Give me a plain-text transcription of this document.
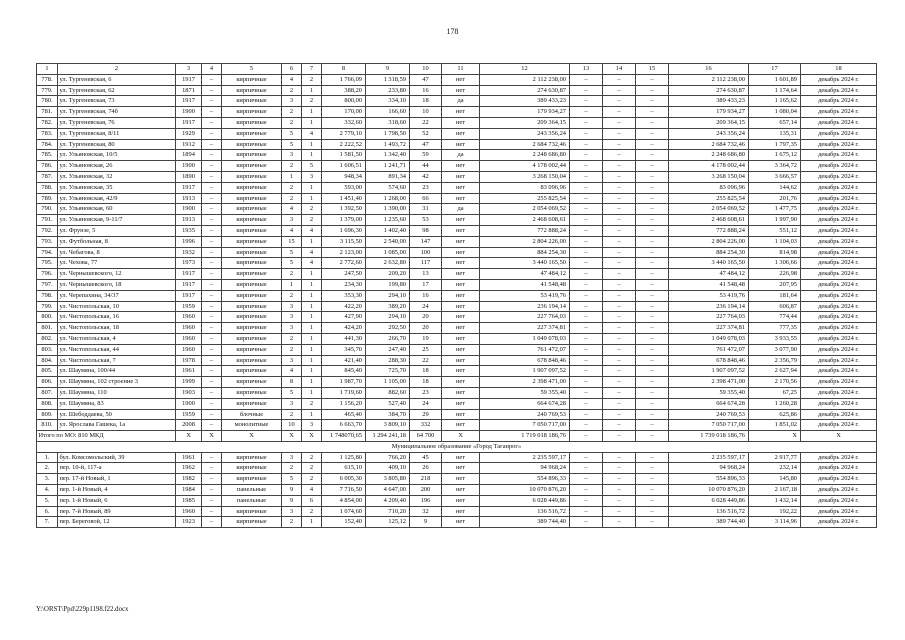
178
1	2	3	4	5	6	7	8	9	10	11	12	13	14	15	16	17	18
778.	ул. Тургеневская, 6	1917	–	кирпичные	4	2	1 766,09	1 318,59	47	нет	2 112 238,00	–	–	–	2 112 238,00	1 601,89	декабрь 2024 г.
779.	ул. Тургеневская, 62	1871	–	кирпичные	2	1	388,20	233,80	16	нет	274 630,87	–	–	–	274 630,87	1 174,64	декабрь 2024 г.
780.	ул. Тургеневская, 73	1917	–	кирпичные	3	2	800,00	334,10	18	да	389 433,23	–	–	–	389 433,23	1 165,62	декабрь 2024 г.
781.	ул. Тургеневская, 74б	1900	–	кирпичные	2	1	170,00	166,60	10	нет	179 934,27	–	–	–	179 934,27	1 080,04	декабрь 2024 г.
782.	ул. Тургеневская, 76	1917	–	кирпичные	2	1	332,60	318,60	22	нет	209 364,15	–	–	–	209 364,15	657,14	декабрь 2024 г.
783.	ул. Тургеневская, 8/11	1929	–	кирпичные	5	4	2 779,10	1 798,50	52	нет	243 356,24	–	–	–	243 356,24	135,31	декабрь 2024 г.
784.	ул. Тургеневская, 80	1912	–	кирпичные	5	1	2 222,52	1 493,72	47	нет	2 684 732,46	–	–	–	2 684 732,46	1 797,35	декабрь 2024 г.
785.	ул. Ульяновская, 10/5	1894	–	кирпичные	3	1	1 581,50	1 342,40	59	да	2 248 686,80	–	–	–	2 248 686,80	1 675,12	декабрь 2024 г.
786.	ул. Ульяновская, 26	1900	–	кирпичные	2	5	1 606,51	1 241,71	44	нет	4 178 002,44	–	–	–	4 178 002,44	3 364,72	декабрь 2024 г.
787.	ул. Ульяновская, 32	1890	–	кирпичные	1	3	948,34	891,34	42	нет	3 268 150,04	–	–	–	3 268 150,04	3 666,57	декабрь 2024 г.
788.	ул. Ульяновская, 35	1917	–	кирпичные	2	1	593,00	574,60	23	нет	83 096,96	–	–	–	83 096,96	144,62	декабрь 2024 г.
789.	ул. Ульяновская, 42/9	1913	–	кирпичные	2	1	1 451,40	1 268,00	66	нет	255 825,54	–	–	–	255 825,54	201,76	декабрь 2024 г.
790.	ул. Ульяновская, 60	1900	–	кирпичные	4	2	1 392,50	1 390,00	31	да	2 054 069,52	–	–	–	2 054 069,52	1 477,75	декабрь 2024 г.
791.	ул. Ульяновская, 9-11/7	1913	–	кирпичные	3	2	1 379,00	1 235,60	53	нет	2 468 608,61	–	–	–	2 468 608,61	1 997,90	декабрь 2024 г.
792.	ул. Фрунзе, 5	1935	–	кирпичные	4	4	1 696,30	1 402,40	98	нет	772 888,24	–	–	–	772 888,24	551,12	декабрь 2024 г.
793.	ул. Футбольная, 8	1996	–	кирпичные	15	1	3 115,50	2 540,00	147	нет	2 804 226,00	–	–	–	2 804 226,00	1 104,03	декабрь 2024 г.
794.	ул. Чебагова, 8	1932	–	кирпичные	5	4	2 123,00	1 085,00	100	нет	884 254,30	–	–	–	884 254,30	814,98	декабрь 2024 г.
795.	ул. Чехова, 77	1973	–	кирпичные	5	4	2 772,60	2 632,80	117	нет	3 440 165,50	–	–	–	3 440 165,50	1 306,66	декабрь 2024 г.
796.	ул. Чернышевского, 12	1917	–	кирпичные	2	1	247,50	209,20	13	нет	47 484,12	–	–	–	47 484,12	226,98	декабрь 2024 г.
797.	ул. Чернышевского, 18	1917	–	кирпичные	1	1	234,30	199,80	17	нет	41 548,48	–	–	–	41 548,48	207,95	декабрь 2024 г.
798.	ул. Черепахина, 34/37	1917	–	кирпичные	2	1	353,30	294,10	16	нет	53 419,76	–	–	–	53 419,76	181,64	декабрь 2024 г.
799.	ул. Чистопольская, 10	1959	–	кирпичные	3	1	422,20	389,20	24	нет	236 194,14	–	–	–	236 194,14	606,87	декабрь 2024 г.
800.	ул. Чистопольская, 16	1960	–	кирпичные	3	1	427,90	294,10	20	нет	227 764,03	–	–	–	227 764,03	774,44	декабрь 2024 г.
801.	ул. Чистопольская, 18	1960	–	кирпичные	3	1	424,20	292,50	20	нет	227 374,81	–	–	–	227 374,81	777,35	декабрь 2024 г.
802.	ул. Чистопольская, 4	1960	–	кирпичные	2	1	441,30	266,70	19	нет	1 049 078,03	–	–	–	1 049 078,03	3 933,55	декабрь 2024 г.
803.	ул. Чистопольская, 44	1960	–	кирпичные	2	1	345,70	247,40	25	нет	761 472,07	–	–	–	761 472,07	3 077,90	декабрь 2024 г.
804.	ул. Чистопольская, 7	1978	–	кирпичные	3	1	421,40	288,30	22	нет	678 848,46	–	–	–	678 848,46	2 356,79	декабрь 2024 г.
805.	ул. Шаумяна, 100/44	1961	–	кирпичные	4	1	845,40	725,70	18	нет	1 907 097,52	–	–	–	1 907 097,52	2 627,94	декабрь 2024 г.
806.	ул. Шаумяна, 102 строение 3	1999	–	кирпичные	8	1	1 987,70	1 105,00	18	нет	2 398 471,00	–	–	–	2 398 471,00	2 170,56	декабрь 2024 г.
807.	ул. Шаумяна, 110	1903	–	кирпичные	5	1	1 719,60	882,60	23	нет	59 355,40	–	–	–	59 355,40	67,25	декабрь 2024 г.
808.	ул. Шаумяна, 83	1900	–	кирпичные	3	2	1 156,20	527,40	24	нет	664 674,28	–	–	–	664 674,28	1 260,28	декабрь 2024 г.
809.	ул. Шебоддаева, 50	1959	–	блочные	2	1	465,40	384,70	29	нет	240 769,53	–	–	–	240 769,53	625,86	декабрь 2024 г.
810.	ул. Ярослава Гашека, 1а	2008	–	монолитные	10	3	6 663,70	3 809,10	332	нет	7 050 717,00	–	–	–	7 050 717,00	1 851,02	декабрь 2024 г.
Итого по МО: 810 МКД		X	X	X	X	X	1 748070,65	1 294 241,18	64 700	X	1 719 018 186,76	–	–	–	1 739 018 186,76	X	X
Муниципальное образование «Город Таганрог»																	
1.	бул. Комсомольский, 39	1961	–	кирпичные	3	2	1 125,80	766,20	45	нет	2 235 597,17	–	–	–	2 235 597,17	2 917,77	декабрь 2024 г.
2.	пер. 10-й, 117-а	1962	–	кирпичные	2	2	615,10	409,10	26	нет	94 968,24	–	–	–	94 968,24	232,14	декабрь 2024 г.
3.	пер. 17-й Новый, 1	1982	–	кирпичные	5	2	6 005,30	3 805,80	218	нет	554 896,33	–	–	–	554 896,33	145,80	декабрь 2024 г.
4.	пер. 1-й Новый, 4	1984	–	панельные	9	4	7 716,50	4 647,00	200	нет	10 070 876,20	–	–	–	10 070 876,20	2 167,18	декабрь 2024 г.
5.	пер. 1-й Новый, 6	1985	–	панельные	9	6	4 854,00	4 209,40	196	нет	6 028 449,86	–	–	–	6 028 449,86	1 432,14	декабрь 2024 г.
6.	пер. 7-й Новый, 89	1960	–	кирпичные	3	2	1 074,60	710,20	32	нет	136 516,72	–	–	–	136 516,72	192,22	декабрь 2024 г.
7.	пер. Береговой, 12	1923	–	кирпичные	2	1	152,40	125,12	9	нет	389 744,40	–	–	–	389 744,40	3 114,96	декабрь 2024 г.
Y:\ORST\Ppd\229p1198.f22.docx
